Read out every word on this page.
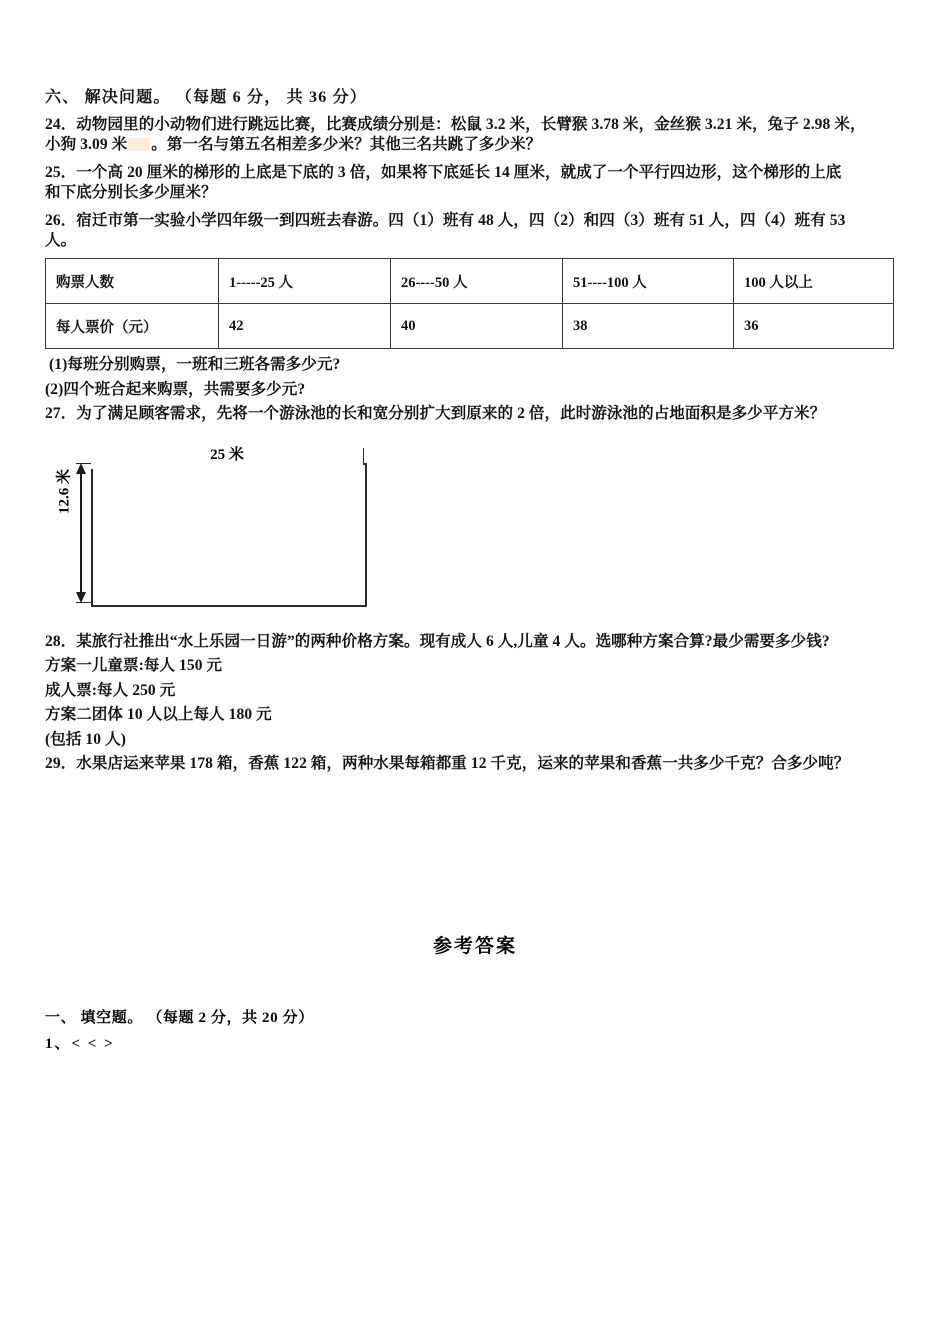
六、 解决问题。 （每题 6 分， 共 36 分）
24．动物园里的小动物们进行跳远比赛，比赛成绩分别是：松鼠 3.2 米，长臂猴 3.78 米，金丝猴 3.21 米，兔子 2.98 米，
小狗 3.09 米 。第一名与第五名相差多少米？其他三名共跳了多少米？
25．一个高 20 厘米的梯形的上底是下底的 3 倍，如果将下底延长 14 厘米，就成了一个平行四边形，这个梯形的上底
和下底分别长多少厘米？
26．宿迁市第一实验小学四年级一到四班去春游。四（1）班有 48 人，四（2）和四（3）班有 51 人，四（4）班有 53
人。
购票人数	1-----25 人	26----50 人	51----100 人	100 人以上
每人票价（元）	42	40	38	36
(1)每班分别购票，一班和三班各需多少元?
(2)四个班合起来购票，共需要多少元?
27．为了满足顾客需求，先将一个游泳池的长和宽分别扩大到原来的 2 倍，此时游泳池的占地面积是多少平方米？
25 米
12.6 米
28．某旅行社推出“水上乐园一日游”的两种价格方案。现有成人 6 人,儿童 4 人。选哪种方案合算?最少需要多少钱?
方案一儿童票:每人 150 元
成人票:每人 250 元
方案二团体 10 人以上每人 180 元
(包括 10 人)
29．水果店运来苹果 178 箱，香蕉 122 箱，两种水果每箱都重 12 千克，运来的苹果和香蕉一共多少千克？合多少吨？
参考答案
一、 填空题。 （每题 2 分，共 20 分）
1、< < >
